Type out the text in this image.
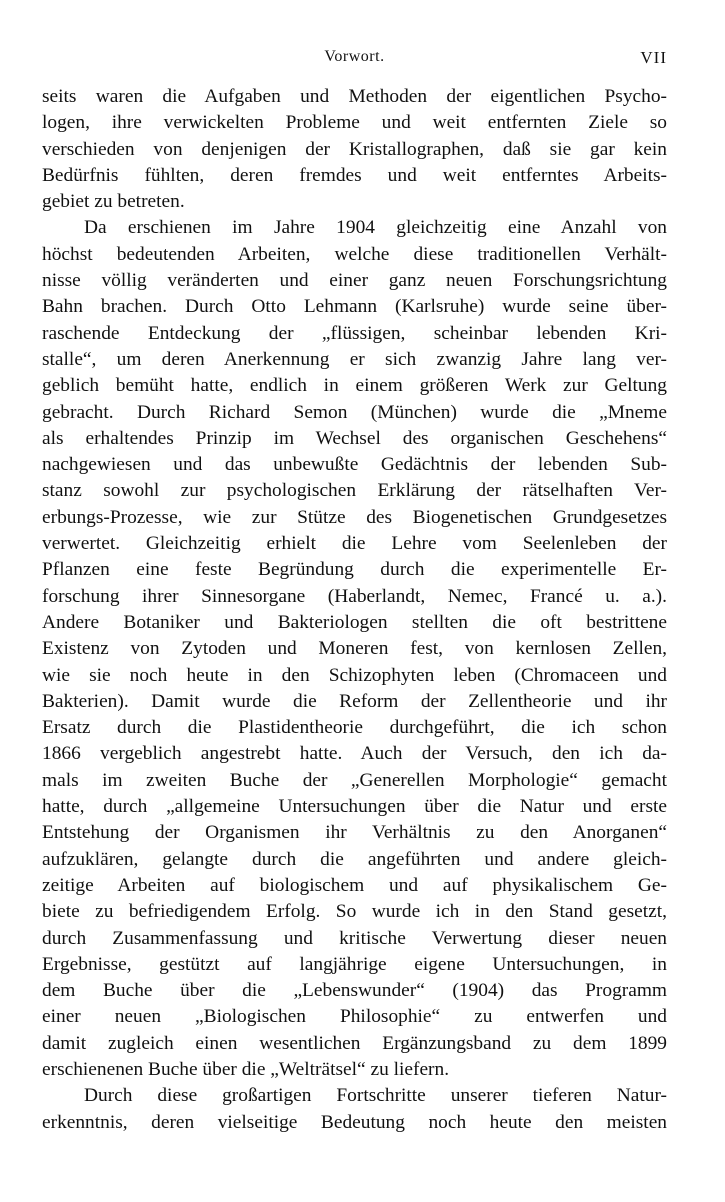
Vorwort.	VII
seits waren die Aufgaben und Methoden der eigentlichen Psycho-
logen, ihre verwickelten Probleme und weit entfernten Ziele so
verschieden von denjenigen der Kristallographen, daß sie gar kein
Bedürfnis fühlten, deren fremdes und weit entferntes Arbeits-
gebiet zu betreten.
Da erschienen im Jahre 1904 gleichzeitig eine Anzahl von
höchst bedeutenden Arbeiten, welche diese traditionellen Verhält-
nisse völlig veränderten und einer ganz neuen Forschungsrichtung
Bahn brachen. Durch Otto Lehmann (Karlsruhe) wurde seine über-
raschende Entdeckung der „flüssigen, scheinbar lebenden Kri-
stalle“, um deren Anerkennung er sich zwanzig Jahre lang ver-
geblich bemüht hatte, endlich in einem größeren Werk zur Geltung
gebracht. Durch Richard Semon (München) wurde die „Mneme
als erhaltendes Prinzip im Wechsel des organischen Geschehens“
nachgewiesen und das unbewußte Gedächtnis der lebenden Sub-
stanz sowohl zur psychologischen Erklärung der rätselhaften Ver-
erbungs-Prozesse, wie zur Stütze des Biogenetischen Grundgesetzes
verwertet. Gleichzeitig erhielt die Lehre vom Seelenleben der
Pflanzen eine feste Begründung durch die experimentelle Er-
forschung ihrer Sinnesorgane (Haberlandt, Nemec, Francé u. a.).
Andere Botaniker und Bakteriologen stellten die oft bestrittene
Existenz von Zytoden und Moneren fest, von kernlosen Zellen,
wie sie noch heute in den Schizophyten leben (Chromaceen und
Bakterien). Damit wurde die Reform der Zellentheorie und ihr
Ersatz durch die Plastidentheorie durchgeführt, die ich schon
1866 vergeblich angestrebt hatte. Auch der Versuch, den ich da-
mals im zweiten Buche der „Generellen Morphologie“ gemacht
hatte, durch „allgemeine Untersuchungen über die Natur und erste
Entstehung der Organismen ihr Verhältnis zu den Anorganen“
aufzuklären, gelangte durch die angeführten und andere gleich-
zeitige Arbeiten auf biologischem und auf physikalischem Ge-
biete zu befriedigendem Erfolg. So wurde ich in den Stand gesetzt,
durch Zusammenfassung und kritische Verwertung dieser neuen
Ergebnisse, gestützt auf langjährige eigene Untersuchungen, in
dem Buche über die „Lebenswunder“ (1904) das Programm
einer neuen „Biologischen Philosophie“ zu entwerfen und
damit zugleich einen wesentlichen Ergänzungsband zu dem 1899
erschienenen Buche über die „Welträtsel“ zu liefern.
Durch diese großartigen Fortschritte unserer tieferen Natur-
erkenntnis, deren vielseitige Bedeutung noch heute den meisten
